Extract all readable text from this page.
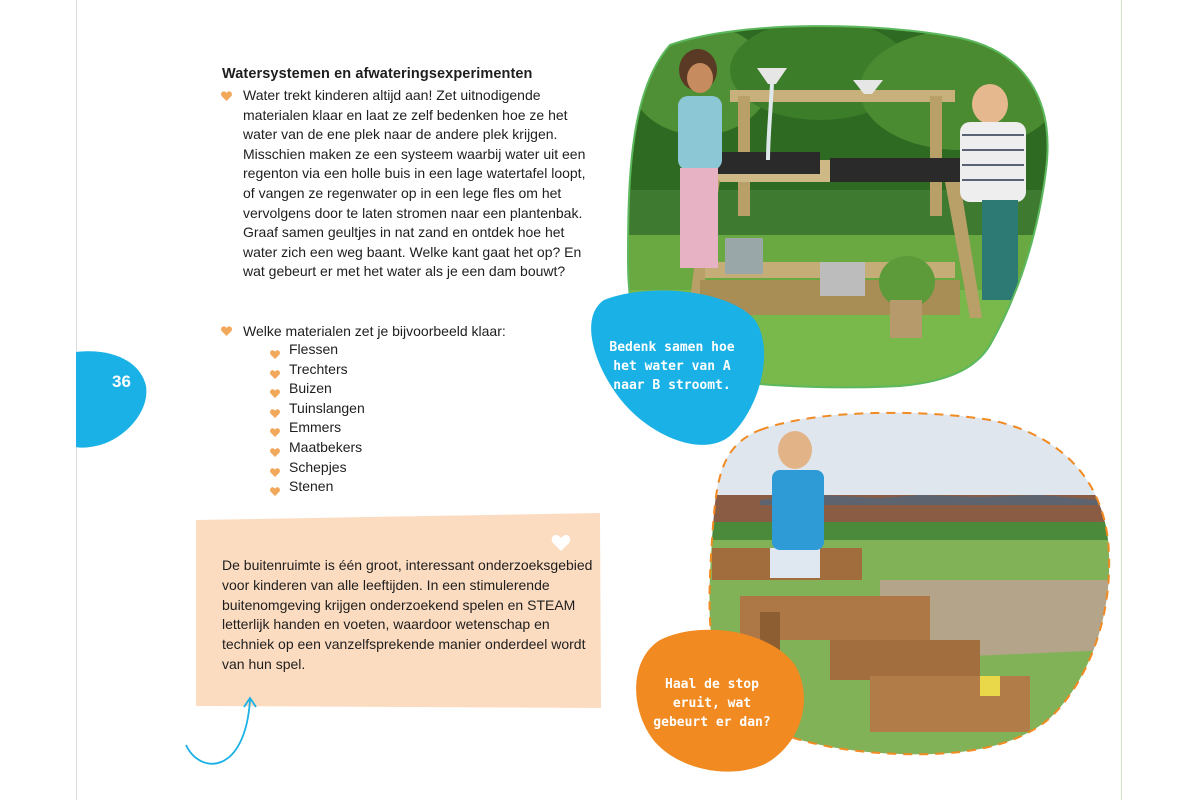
36
Watersystemen en afwateringsexperimenten

Water trekt kinderen altijd aan! Zet uitnodigende materialen klaar en laat ze zelf bedenken hoe ze het water van de ene plek naar de andere plek krijgen. Misschien maken ze een systeem waarbij water uit een regenton via een holle buis in een lage watertafel loopt, of vangen ze regenwater op in een lege fles om het vervolgens door te laten stromen naar een plantenbak. Graaf samen geultjes in nat zand en ontdek hoe het water zich een weg baant. Welke kant gaat het op? En wat gebeurt er met het water als je een dam bouwt?

Welke materialen zet je bijvoorbeeld klaar:
Flessen
Trechters
Buizen
Tuinslangen
Emmers
Maatbekers
Schepjes
Stenen

De buitenruimte is één groot, interessant onderzoeksgebied voor kinderen van alle leeftijden. In een stimulerende buitenomgeving krijgen onderzoekend spelen en STEAM letterlijk handen en voeten, waardoor wetenschap en techniek op een vanzelfsprekende manier onderdeel wordt van hun spel.

Bedenk samen hoe
het water van A
naar B stroomt.
Haal de stop
eruit, wat
gebeurt er dan?
